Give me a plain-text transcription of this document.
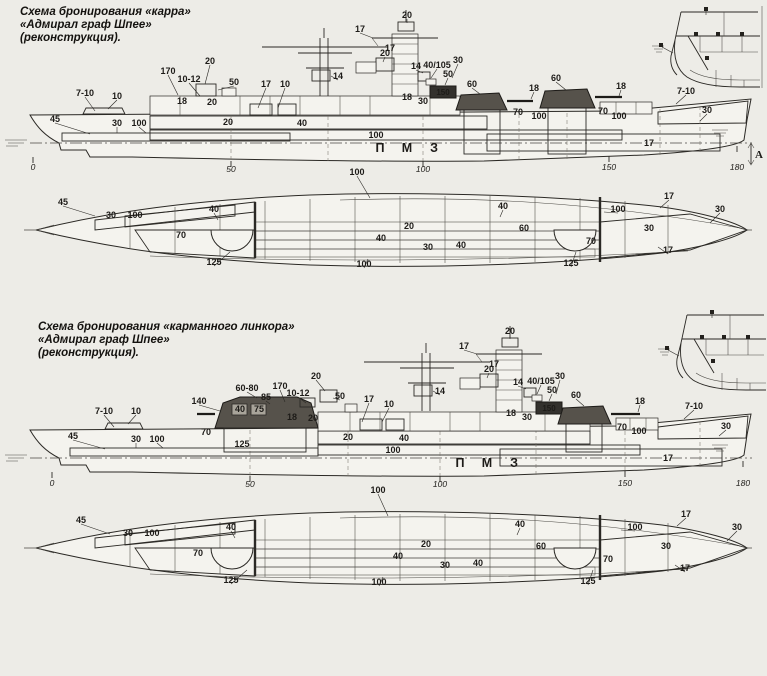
Схема бронирования «карра»
«Адмирал граф Шпее»
(реконструкция).
А
170
10-12
20
50
18 20
17 10
14
20
17
17
20
14 40/105 30
50
60
150
30
18
60
18	18	7-10
70 100	70 100
30
17
7-10 10
45	30 100	20	40
100
П М З
0	50	100	150	180
100
45
30 100
40
70
125	100
20
40
30	40
60
40	100
17
30
30
70
17
125
Схема бронирования «карманного линкора»
«Адмирал граф Шпее»
(реконструкция).
7-10 10
45	30 100
140
60-80
85
170
10-12
20
50
40 75
125
70
18 20
17 10
14
20
17
17
20
14 40/105 30
50
150
60
18 30
18	7-10
70 100	30
17
20	40
100
П М З
0	50	100	150	180
100
45
30 100
40
70
125	100
20
40
30	40
60
40	100
17
30
30
70
17
125
